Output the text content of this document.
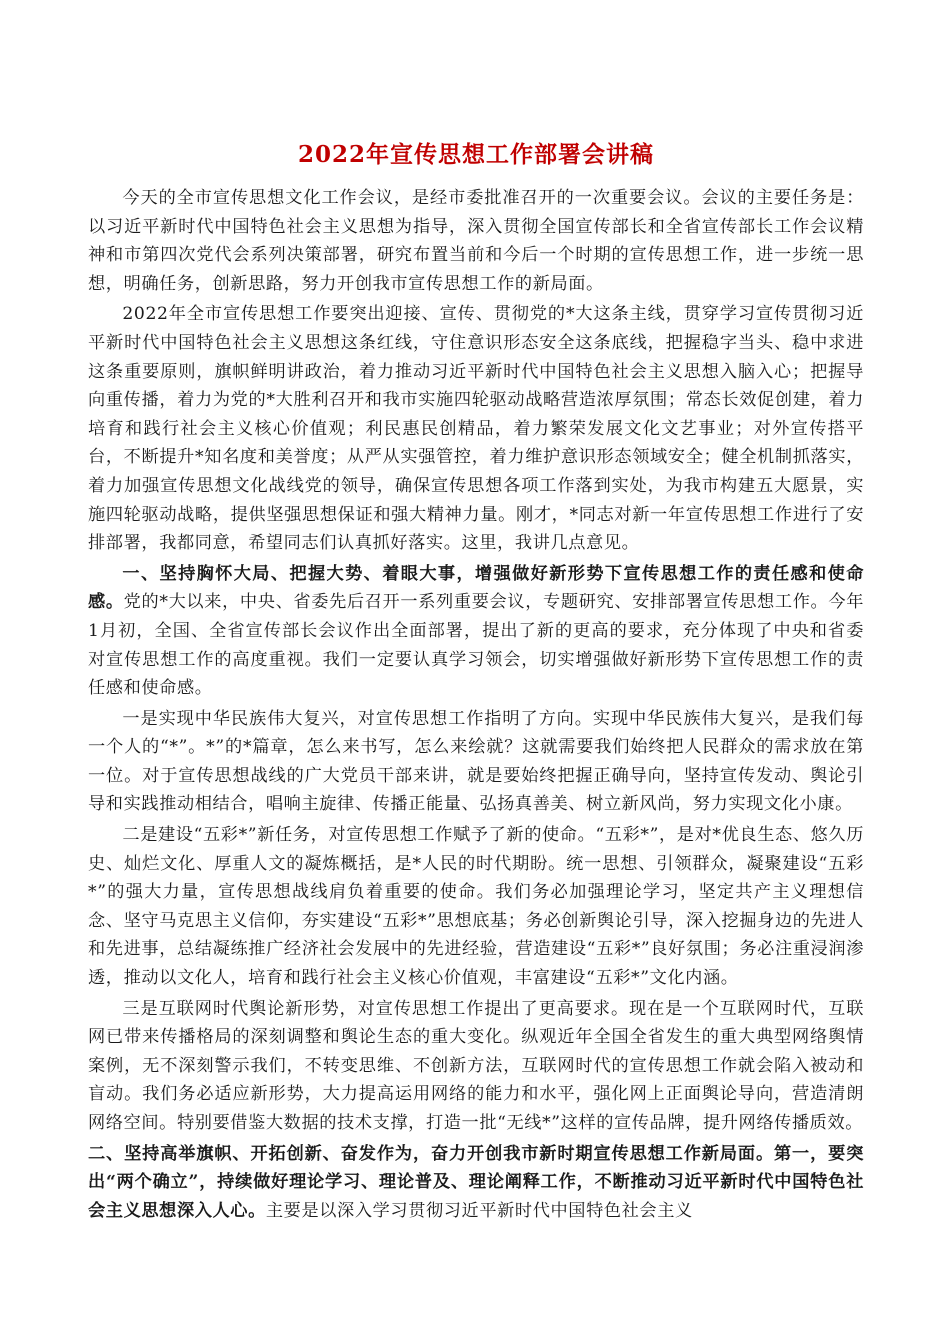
2022年宣传思想工作部署会讲稿

今天的全市宣传思想文化工作会议，是经市委批准召开的一次重要会议。会议的主要任务是：以习近平新时代中国特色社会主义思想为指导，深入贯彻全国宣传部长和全省宣传部长工作会议精神和市第四次党代会系列决策部署，研究布置当前和今后一个时期的宣传思想工作，进一步统一思想，明确任务，创新思路，努力开创我市宣传思想工作的新局面。

2022年全市宣传思想工作要突出迎接、宣传、贯彻党的*大这条主线，贯穿学习宣传贯彻习近平新时代中国特色社会主义思想这条红线，守住意识形态安全这条底线，把握稳字当头、稳中求进这条重要原则，旗帜鲜明讲政治，着力推动习近平新时代中国特色社会主义思想入脑入心；把握导向重传播，着力为党的*大胜利召开和我市实施四轮驱动战略营造浓厚氛围；常态长效促创建，着力培育和践行社会主义核心价值观；利民惠民创精品，着力繁荣发展文化文艺事业；对外宣传搭平台，不断提升*知名度和美誉度；从严从实强管控，着力维护意识形态领域安全；健全机制抓落实，着力加强宣传思想文化战线党的领导，确保宣传思想各项工作落到实处，为我市构建五大愿景，实施四轮驱动战略，提供坚强思想保证和强大精神力量。刚才，*同志对新一年宣传思想工作进行了安排部署，我都同意，希望同志们认真抓好落实。这里，我讲几点意见。

一、坚持胸怀大局、把握大势、着眼大事，增强做好新形势下宣传思想工作的责任感和使命感。党的*大以来，中央、省委先后召开一系列重要会议，专题研究、安排部署宣传思想工作。今年1月初，全国、全省宣传部长会议作出全面部署，提出了新的更高的要求，充分体现了中央和省委对宣传思想工作的高度重视。我们一定要认真学习领会，切实增强做好新形势下宣传思想工作的责任感和使命感。

一是实现中华民族伟大复兴，对宣传思想工作指明了方向。实现中华民族伟大复兴，是我们每一个人的“*”。*”的*篇章，怎么来书写，怎么来绘就？这就需要我们始终把人民群众的需求放在第一位。对于宣传思想战线的广大党员干部来讲，就是要始终把握正确导向，坚持宣传发动、舆论引导和实践推动相结合，唱响主旋律、传播正能量、弘扬真善美、树立新风尚，努力实现文化小康。

二是建设“五彩*”新任务，对宣传思想工作赋予了新的使命。“五彩*”，是对*优良生态、悠久历史、灿烂文化、厚重人文的凝炼概括，是*人民的时代期盼。统一思想、引领群众，凝聚建设“五彩*”的强大力量，宣传思想战线肩负着重要的使命。我们务必加强理论学习，坚定共产主义理想信念、坚守马克思主义信仰，夯实建设“五彩*”思想底基；务必创新舆论引导，深入挖掘身边的先进人和先进事，总结凝练推广经济社会发展中的先进经验，营造建设“五彩*”良好氛围；务必注重浸润渗透，推动以文化人，培育和践行社会主义核心价值观，丰富建设“五彩*”文化内涵。

三是互联网时代舆论新形势，对宣传思想工作提出了更高要求。现在是一个互联网时代，互联网已带来传播格局的深刻调整和舆论生态的重大变化。纵观近年全国全省发生的重大典型网络舆情案例，无不深刻警示我们，不转变思维、不创新方法，互联网时代的宣传思想工作就会陷入被动和盲动。我们务必适应新形势，大力提高运用网络的能力和水平，强化网上正面舆论导向，营造清朗网络空间。特别要借鉴大数据的技术支撑，打造一批“无线*”这样的宣传品牌，提升网络传播质效。

二、坚持高举旗帜、开拓创新、奋发作为，奋力开创我市新时期宣传思想工作新局面。第一，要突出“两个确立”，持续做好理论学习、理论普及、理论阐释工作，不断推动习近平新时代中国特色社会主义思想深入人心。主要是以深入学习贯彻习近平新时代中国特色社会主义
